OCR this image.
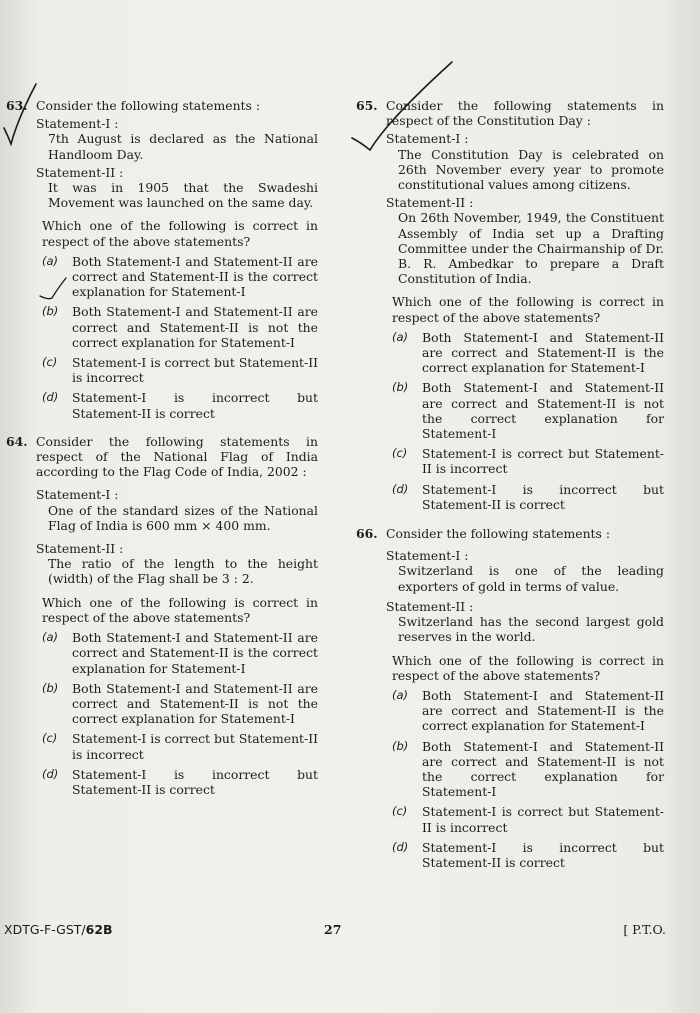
63. Consider the following statements :
Statement-I :
7th August is declared as the National Handloom Day.
Statement-II :
It was in 1905 that the Swadeshi Movement was launched on the same day.
Which one of the following is correct in respect of the above statements?
(a)	Both Statement-I and Statement-II are correct and Statement-II is the correct explanation for Statement-I
(b)	Both Statement-I and Statement-II are correct and Statement-II is not the correct explanation for Statement-I
(c)	Statement-I is correct but Statement-II is incorrect
(d)	Statement-I is incorrect but Statement-II is correct
64. Consider the following statements in respect of the National Flag of India according to the Flag Code of India, 2002 :
Statement-I :
One of the standard sizes of the National Flag of India is 600 mm × 400 mm.
Statement-II :
The ratio of the length to the height (width) of the Flag shall be 3 : 2.
Which one of the following is correct in respect of the above statements?
(a)	Both Statement-I and Statement-II are correct and Statement-II is the correct explanation for Statement-I
(b)	Both Statement-I and Statement-II are correct and Statement-II is not the correct explanation for Statement-I
(c)	Statement-I is correct but Statement-II is incorrect
(d)	Statement-I is incorrect but Statement-II is correct
65. Consider the following statements in respect of the Constitution Day :
Statement-I :
The Constitution Day is celebrated on 26th November every year to promote constitutional values among citizens.
Statement-II :
On 26th November, 1949, the Constituent Assembly of India set up a Drafting Committee under the Chairmanship of Dr. B. R. Ambedkar to prepare a Draft Constitution of India.
Which one of the following is correct in respect of the above statements?
(a)	Both Statement-I and Statement-II are correct and Statement-II is the correct explanation for Statement-I
(b)	Both Statement-I and Statement-II are correct and Statement-II is not the correct explanation for Statement-I
(c)	Statement-I is correct but Statement-II is incorrect
(d)	Statement-I is incorrect but Statement-II is correct
66. Consider the following statements :
Statement-I :
Switzerland is one of the leading exporters of gold in terms of value.
Statement-II :
Switzerland has the second largest gold reserves in the world.
Which one of the following is correct in respect of the above statements?
(a)	Both Statement-I and Statement-II are correct and Statement-II is the correct explanation for Statement-I
(b)	Both Statement-I and Statement-II are correct and Statement-II is not the correct explanation for Statement-I
(c)	Statement-I is correct but Statement-II is incorrect
(d)	Statement-I is incorrect but Statement-II is correct
XDTG-F-GST/62B	27	[ P.T.O.
